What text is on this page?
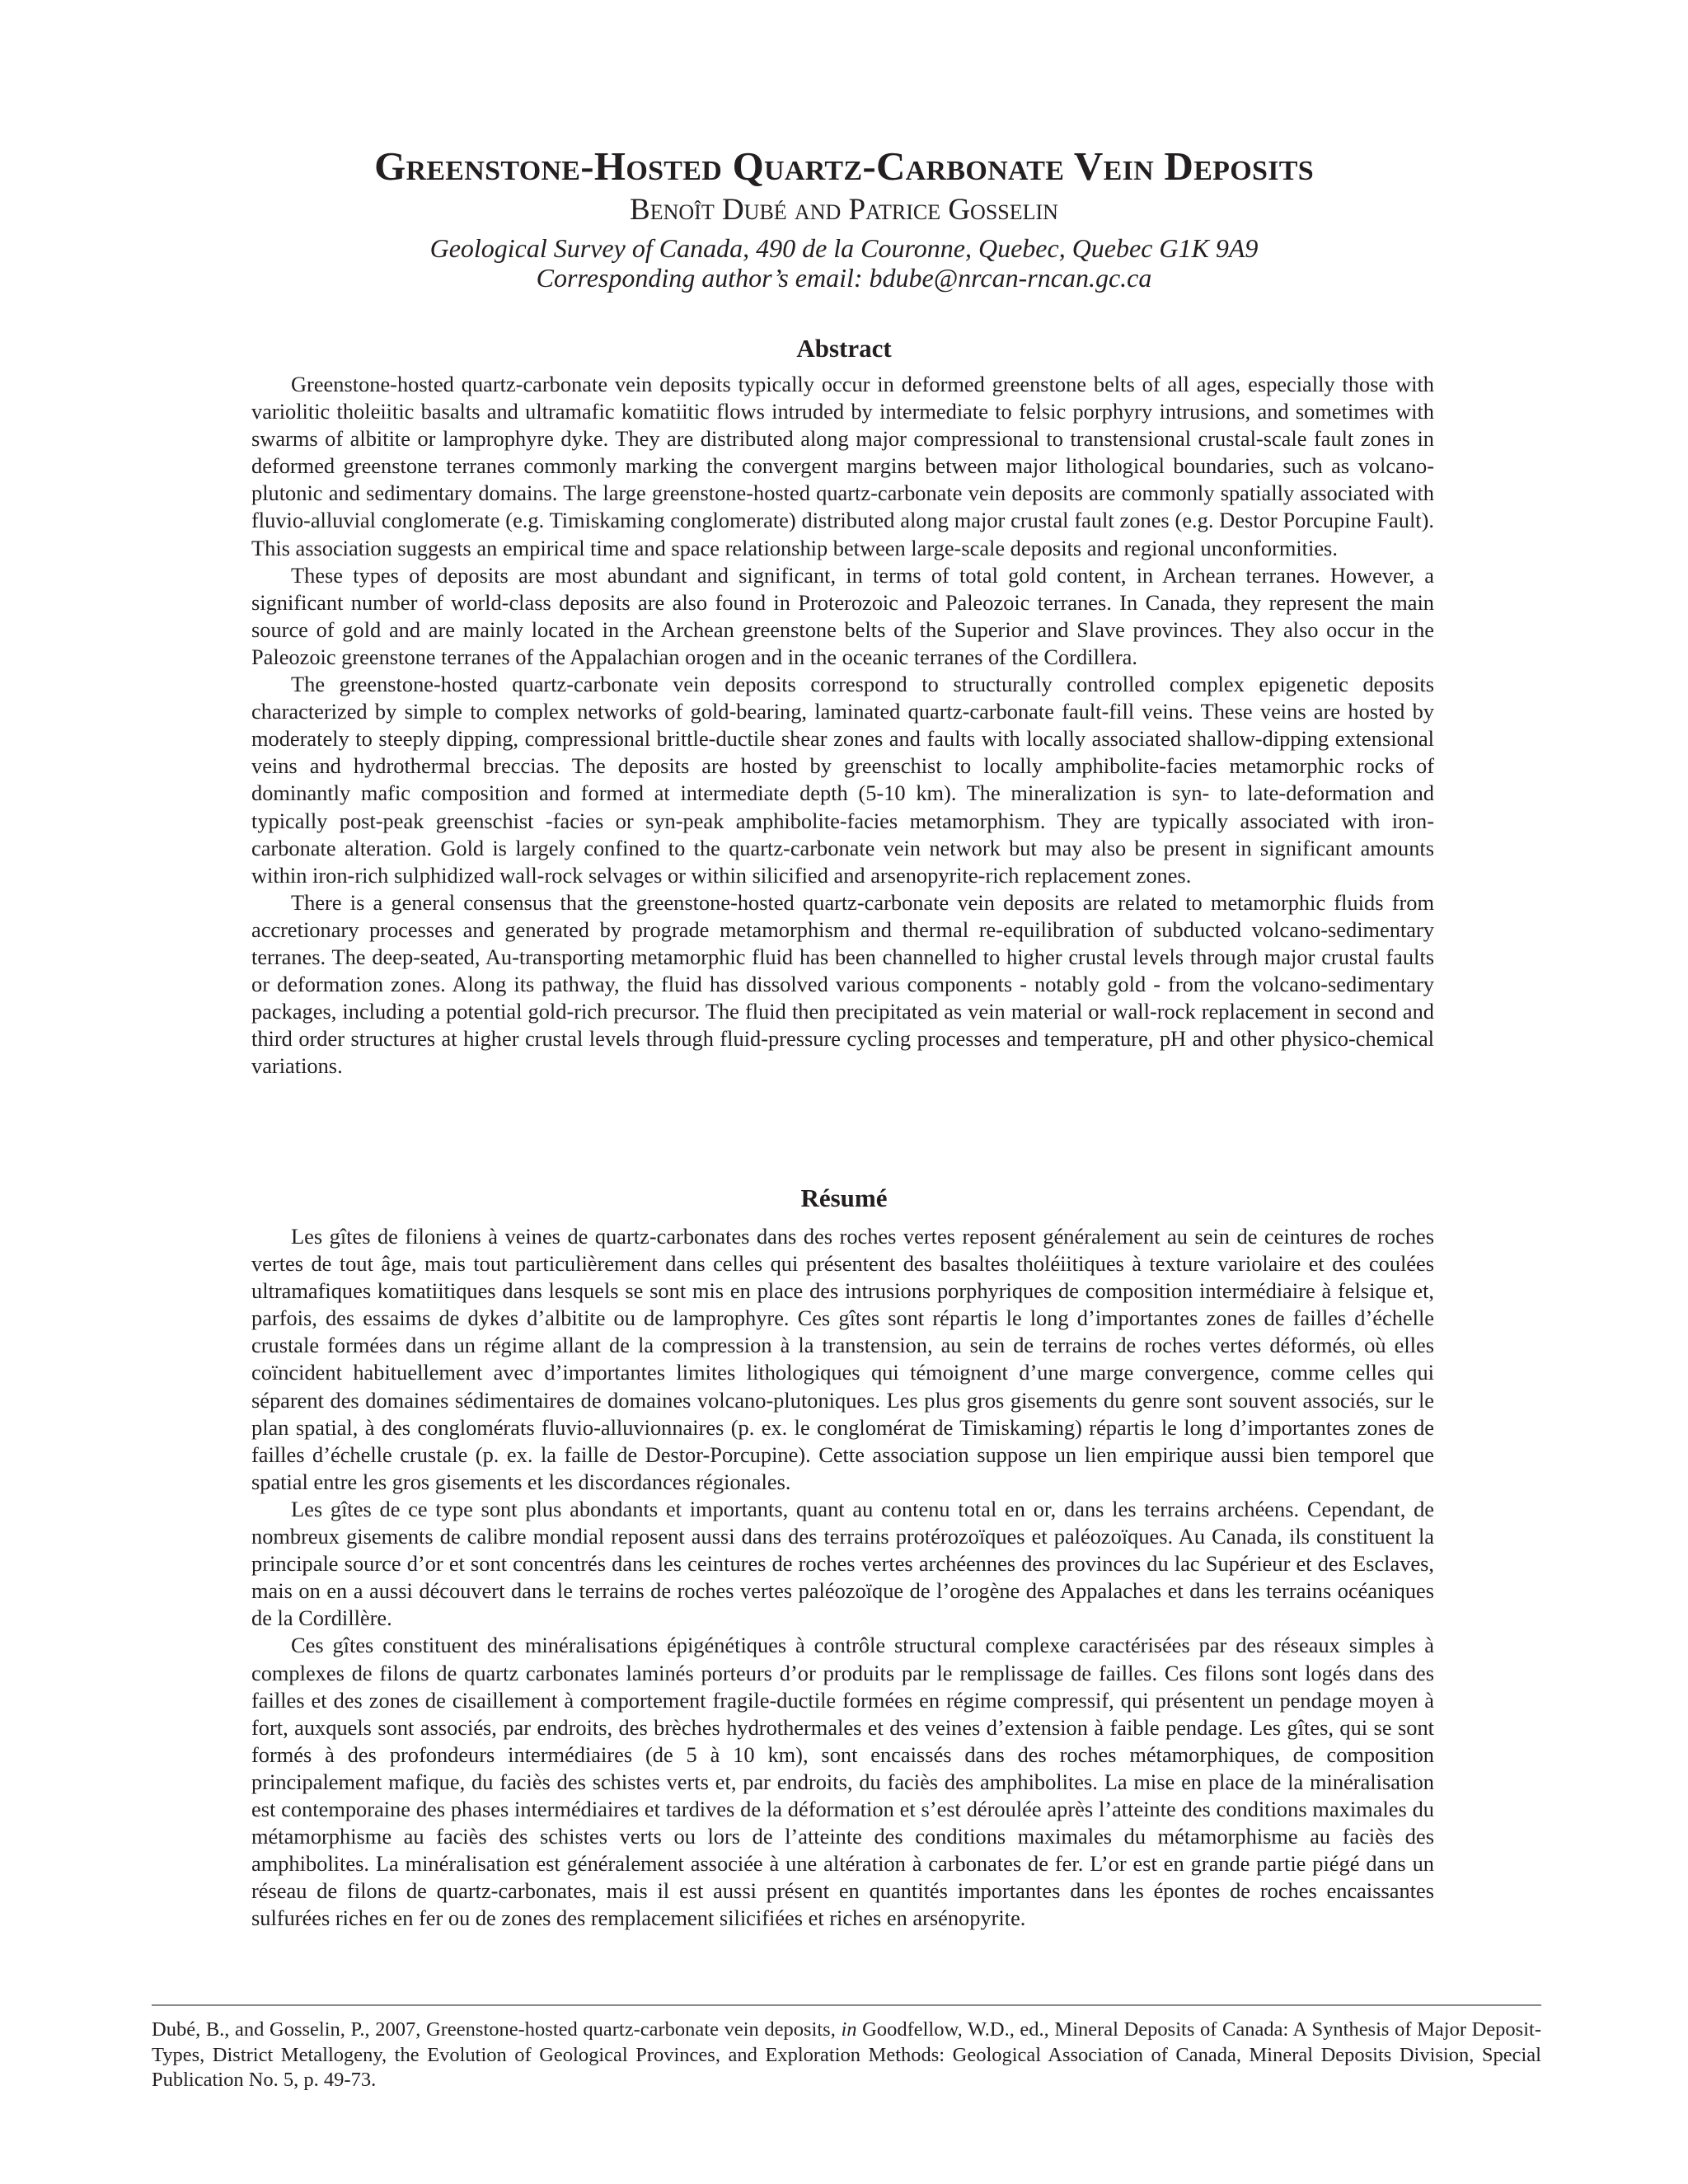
Greenstone-Hosted Quartz-Carbonate Vein Deposits
Benoît Dubé and Patrice Gosselin
Geological Survey of Canada, 490 de la Couronne, Quebec, Quebec G1K 9A9
Corresponding author’s email: bdube@nrcan-rncan.gc.ca
Abstract

Greenstone-hosted quartz-carbonate vein deposits typically occur in deformed greenstone belts of all ages, especially those with variolitic tholeiitic basalts and ultramafic komatiitic flows intruded by intermediate to felsic porphyry intrusions, and sometimes with swarms of albitite or lamprophyre dyke. They are distributed along major compressional to transtensional crustal-scale fault zones in deformed greenstone terranes commonly marking the convergent margins between major lithological boundaries, such as volcano-plutonic and sedimentary domains. The large greenstone-hosted quartz-carbonate vein deposits are commonly spatially associated with fluvio-alluvial conglomerate (e.g. Timiskaming conglomerate) distributed along major crustal fault zones (e.g. Destor Porcupine Fault). This association suggests an empirical time and space relationship between large-scale deposits and regional unconformities.

These types of deposits are most abundant and significant, in terms of total gold content, in Archean terranes. However, a significant number of world-class deposits are also found in Proterozoic and Paleozoic terranes. In Canada, they represent the main source of gold and are mainly located in the Archean greenstone belts of the Superior and Slave provinces. They also occur in the Paleozoic greenstone terranes of the Appalachian orogen and in the oceanic terranes of the Cordillera.

The greenstone-hosted quartz-carbonate vein deposits correspond to structurally controlled complex epigenetic deposits characterized by simple to complex networks of gold-bearing, laminated quartz-carbonate fault-fill veins. These veins are hosted by moderately to steeply dipping, compressional brittle-ductile shear zones and faults with locally associated shallow-dipping extensional veins and hydrothermal breccias. The deposits are hosted by greenschist to locally amphibolite-facies metamorphic rocks of dominantly mafic composition and formed at intermediate depth (5-10 km). The mineralization is syn- to late-deformation and typically post-peak greenschist -facies or syn-peak amphibolite-facies metamorphism. They are typically associated with iron-carbonate alteration. Gold is largely confined to the quartz-carbonate vein network but may also be present in significant amounts within iron-rich sulphidized wall-rock selvages or within silicified and arsenopyrite-rich replacement zones.

There is a general consensus that the greenstone-hosted quartz-carbonate vein deposits are related to metamorphic fluids from accretionary processes and generated by prograde metamorphism and thermal re-equilibration of subducted volcano-sedimentary terranes. The deep-seated, Au-transporting metamorphic fluid has been channelled to higher crustal levels through major crustal faults or deformation zones. Along its pathway, the fluid has dissolved various components - notably gold - from the volcano-sedimentary packages, including a potential gold-rich precursor. The fluid then precipitated as vein material or wall-rock replacement in second and third order structures at higher crustal levels through fluid-pressure cycling processes and temperature, pH and other physico-chemical variations.

Résumé

Les gîtes de filoniens à veines de quartz-carbonates dans des roches vertes reposent généralement au sein de ceintures de roches vertes de tout âge, mais tout particulièrement dans celles qui présentent des basaltes tholéiitiques à texture variolaire et des coulées ultramafiques komatiitiques dans lesquels se sont mis en place des intrusions porphyriques de composition intermédiaire à felsique et, parfois, des essaims de dykes d’albitite ou de lamprophyre. Ces gîtes sont répartis le long d’importantes zones de failles d’échelle crustale formées dans un régime allant de la compression à la transtension, au sein de terrains de roches vertes déformés, où elles coïncident habituellement avec d’importantes limites lithologiques qui témoignent d’une marge convergence, comme celles qui séparent des domaines sédimentaires de domaines volcano-plutoniques. Les plus gros gisements du genre sont souvent associés, sur le plan spatial, à des conglomérats fluvio-alluvionnaires (p. ex. le conglomérat de Timiskaming) répartis le long d’importantes zones de failles d’échelle crustale (p. ex. la faille de Destor-Porcupine). Cette association suppose un lien empirique aussi bien temporel que spatial entre les gros gisements et les discordances régionales.

Les gîtes de ce type sont plus abondants et importants, quant au contenu total en or, dans les terrains archéens. Cependant, de nombreux gisements de calibre mondial reposent aussi dans des terrains protérozoïques et paléozoïques. Au Canada, ils constituent la principale source d’or et sont concentrés dans les ceintures de roches vertes archéennes des provinces du lac Supérieur et des Esclaves, mais on en a aussi découvert dans le terrains de roches vertes paléozoïque de l’orogène des Appalaches et dans les terrains océaniques de la Cordillère.

Ces gîtes constituent des minéralisations épigénétiques à contrôle structural complexe caractérisées par des réseaux simples à complexes de filons de quartz carbonates laminés porteurs d’or produits par le remplissage de failles. Ces filons sont logés dans des failles et des zones de cisaillement à comportement fragile-ductile formées en régime compressif, qui présentent un pendage moyen à fort, auxquels sont associés, par endroits, des brèches hydrothermales et des veines d’extension à faible pendage. Les gîtes, qui se sont formés à des profondeurs intermédiaires (de 5 à 10 km), sont encaissés dans des roches métamorphiques, de composition principalement mafique, du faciès des schistes verts et, par endroits, du faciès des amphibolites. La mise en place de la minéralisation est contemporaine des phases intermédiaires et tardives de la déformation et s’est déroulée après l’atteinte des conditions maximales du métamorphisme au faciès des schistes verts ou lors de l’atteinte des conditions maximales du métamorphisme au faciès des amphibolites. La minéralisation est généralement associée à une altération à carbonates de fer. L’or est en grande partie piégé dans un réseau de filons de quartz-carbonates, mais il est aussi présent en quantités importantes dans les épontes de roches encaissantes sulfurées riches en fer ou de zones des remplacement silicifiées et riches en arsénopyrite.

Dubé, B., and Gosselin, P., 2007, Greenstone-hosted quartz-carbonate vein deposits, in Goodfellow, W.D., ed., Mineral Deposits of Canada: A Synthesis of Major Deposit-Types, District Metallogeny, the Evolution of Geological Provinces, and Exploration Methods: Geological Association of Canada, Mineral Deposits Division, Special Publication No. 5, p. 49-73.
